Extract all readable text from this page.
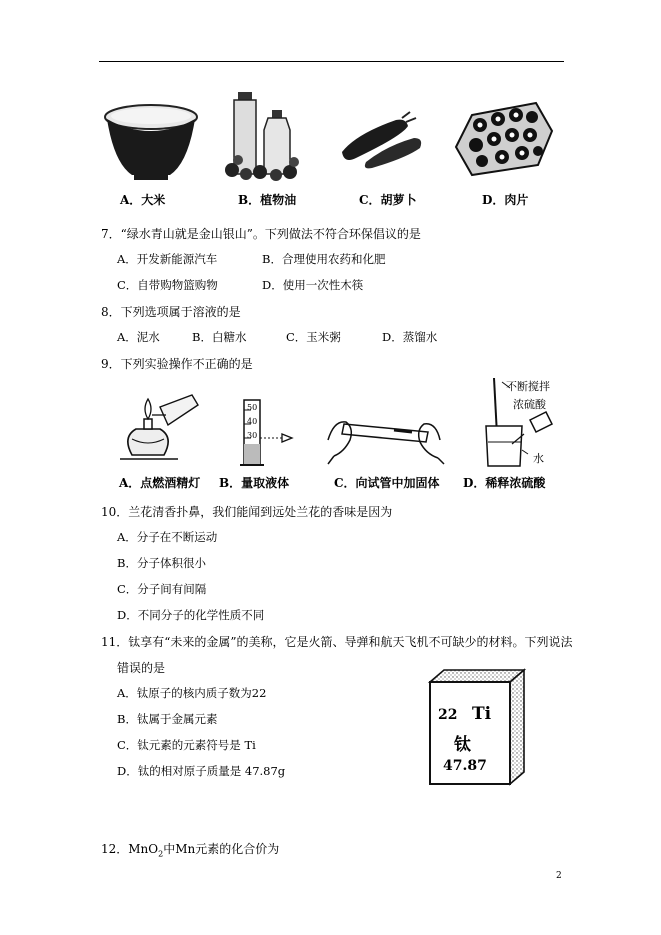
A．大米	B．植物油	C．胡萝卜	D．肉片
7．“绿水青山就是金山银山”。下列做法不符合环保倡议的是
A．开发新能源汽车	B．合理使用农药和化肥
C．自带购物篮购物	D．使用一次性木筷
8．下列选项属于溶液的是
A．泥水	B．白糖水	C．玉米粥	D．蒸馏水
9．下列实验操作不正确的是
50
40
30
不断搅拌
浓硫酸
水
A．点燃酒精灯 B．量取液体	C．向试管中加固体 D．稀释浓硫酸
10．兰花清香扑鼻，我们能闻到远处兰花的香味是因为
A．分子在不断运动
B．分子体积很小
C．分子间有间隔
D．不同分子的化学性质不同
11．钛享有“未来的金属”的美称，它是火箭、导弹和航天飞机不可缺少的材料。下列说法
错误的是
A．钛原子的核内质子数为22
B．钛属于金属元素
C．钛元素的元素符号是 Ti
D．钛的相对原子质量是 47.87g
22 Ti
钛
47.87
12．MnO$_2$中Mn元素的化合价为
2
